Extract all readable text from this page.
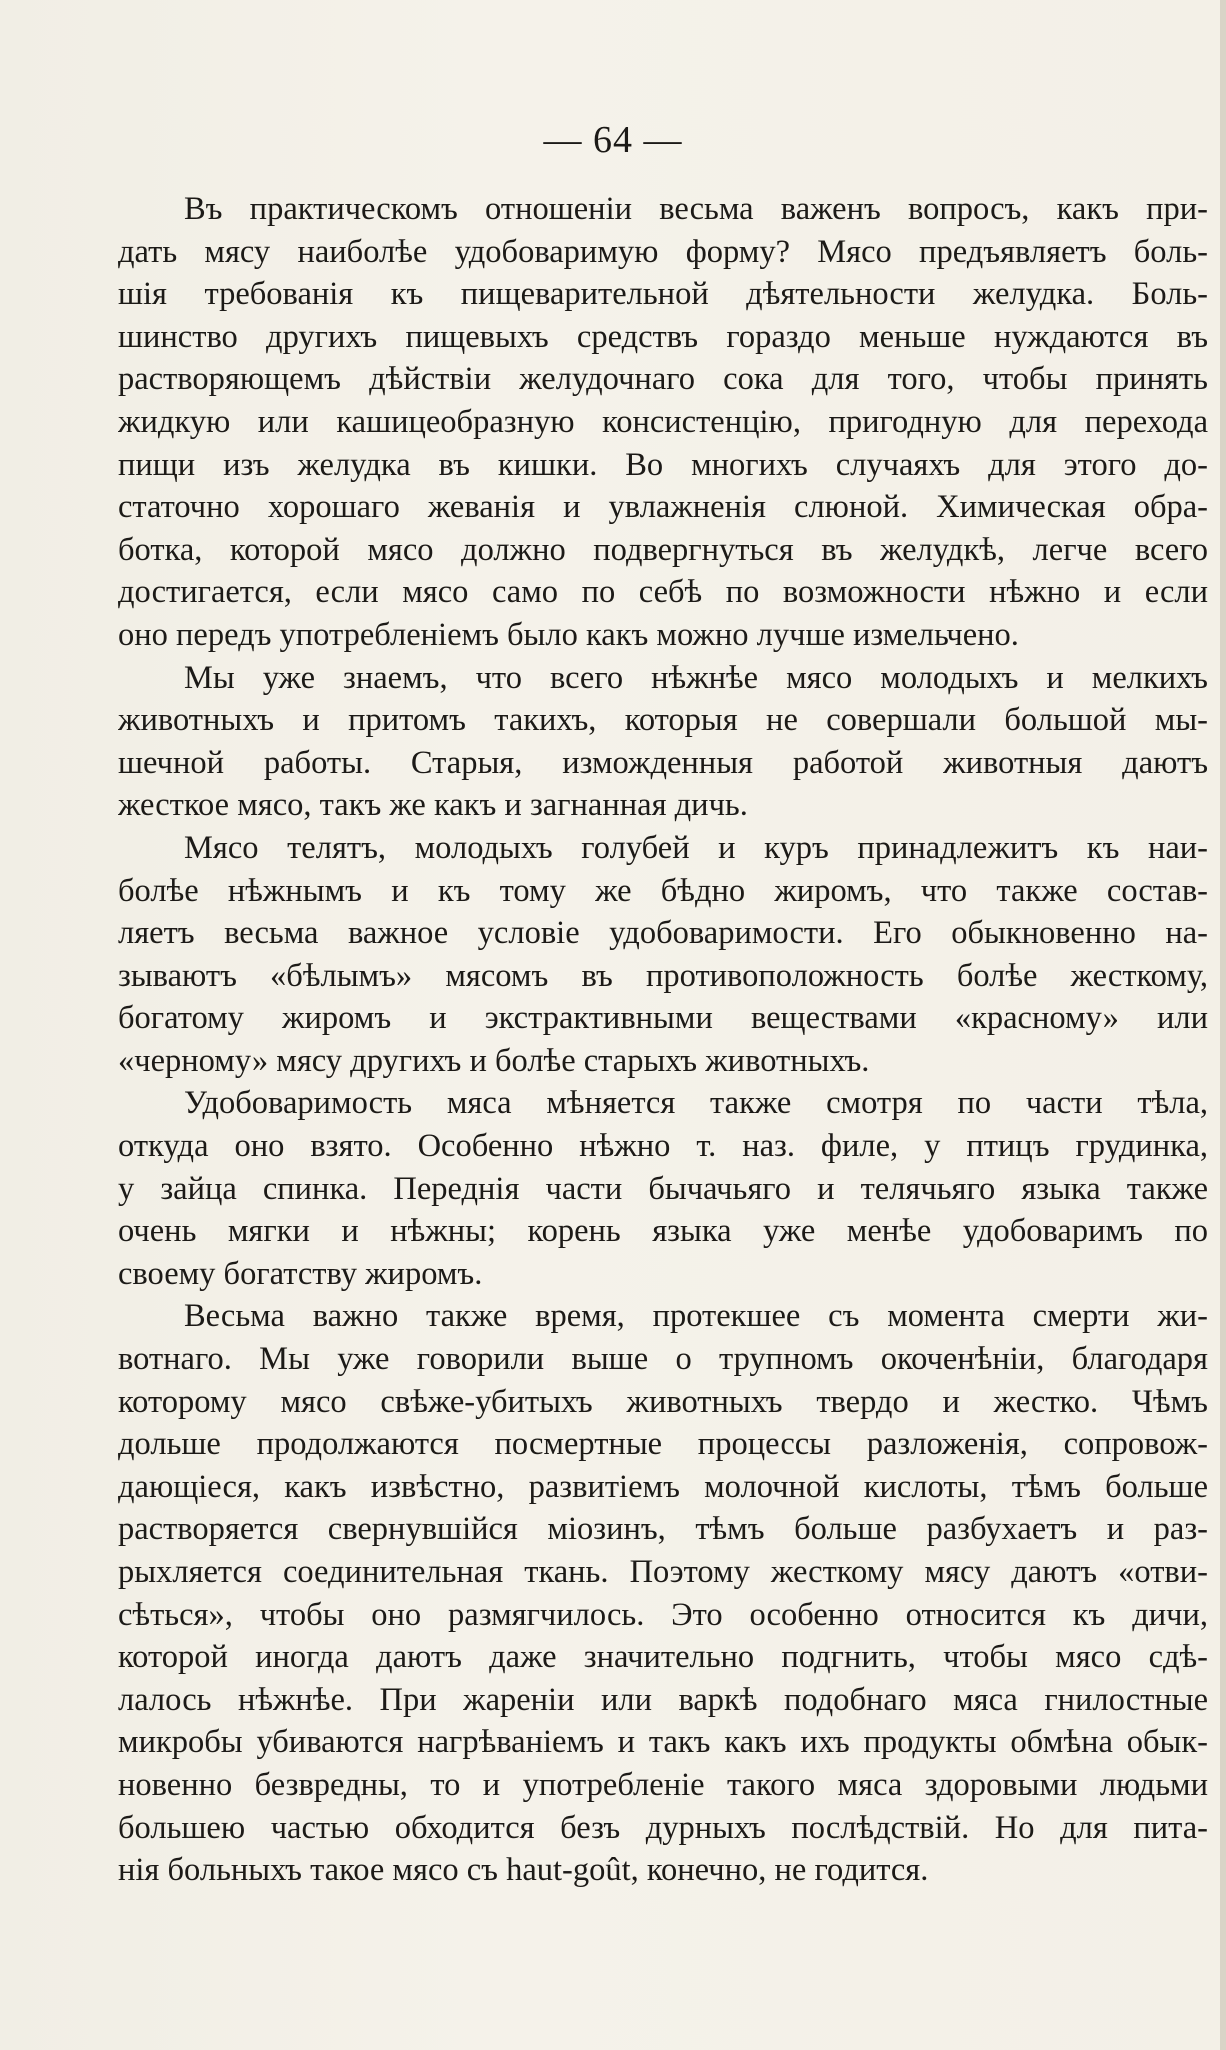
— 64 —
Въ практическомъ отношеніи весьма важенъ вопросъ, какъ при-
дать мясу наиболѣе удобоваримую форму? Мясо предъявляетъ боль-
шія требованія къ пищеварительной дѣятельности желудка. Боль-
шинство другихъ пищевыхъ средствъ гораздо меньше нуждаются въ
растворяющемъ дѣйствіи желудочнаго сока для того, чтобы принять
жидкую или кашицеобразную консистенцію, пригодную для перехода
пищи изъ желудка въ кишки. Во многихъ случаяхъ для этого до-
статочно хорошаго жеванія и увлажненія слюной. Химическая обра-
ботка, которой мясо должно подвергнуться въ желудкѣ, легче всего
достигается, если мясо само по себѣ по возможности нѣжно и если
оно передъ употребленіемъ было какъ можно лучше измельчено.
Мы уже знаемъ, что всего нѣжнѣе мясо молодыхъ и мелкихъ
животныхъ и притомъ такихъ, которыя не совершали большой мы-
шечной работы. Старыя, изможденныя работой животныя даютъ
жесткое мясо, такъ же какъ и загнанная дичь.
Мясо телятъ, молодыхъ голубей и куръ принадлежитъ къ наи-
болѣе нѣжнымъ и къ тому же бѣдно жиромъ, что также состав-
ляетъ весьма важное условіе удобоваримости. Его обыкновенно на-
зываютъ «бѣлымъ» мясомъ въ противоположность болѣе жесткому,
богатому жиромъ и экстрактивными веществами «красному» или
«черному» мясу другихъ и болѣе старыхъ животныхъ.
Удобоваримость мяса мѣняется также смотря по части тѣла,
откуда оно взято. Особенно нѣжно т. наз. филе, у птицъ грудинка,
у зайца спинка. Переднія части бычачьяго и телячьяго языка также
очень мягки и нѣжны; корень языка уже менѣе удобоваримъ по
своему богатству жиромъ.
Весьма важно также время, протекшее съ момента смерти жи-
вотнаго. Мы уже говорили выше о трупномъ окоченѣніи, благодаря
которому мясо свѣже-убитыхъ животныхъ твердо и жестко. Чѣмъ
дольше продолжаются посмертные процессы разложенія, сопровож-
дающіеся, какъ извѣстно, развитіемъ молочной кислоты, тѣмъ больше
растворяется свернувшійся міозинъ, тѣмъ больше разбухаетъ и раз-
рыхляется соединительная ткань. Поэтому жесткому мясу даютъ «отви-
сѣться», чтобы оно размягчилось. Это особенно относится къ дичи,
которой иногда даютъ даже значительно подгнить, чтобы мясо сдѣ-
лалось нѣжнѣе. При жареніи или варкѣ подобнаго мяса гнилостные
микробы убиваются нагрѣваніемъ и такъ какъ ихъ продукты обмѣна обык-
новенно безвредны, то и употребленіе такого мяса здоровыми людьми
большею частью обходится безъ дурныхъ послѣдствій. Но для пита-
нія больныхъ такое мясо съ haut-goût, конечно, не годится.
